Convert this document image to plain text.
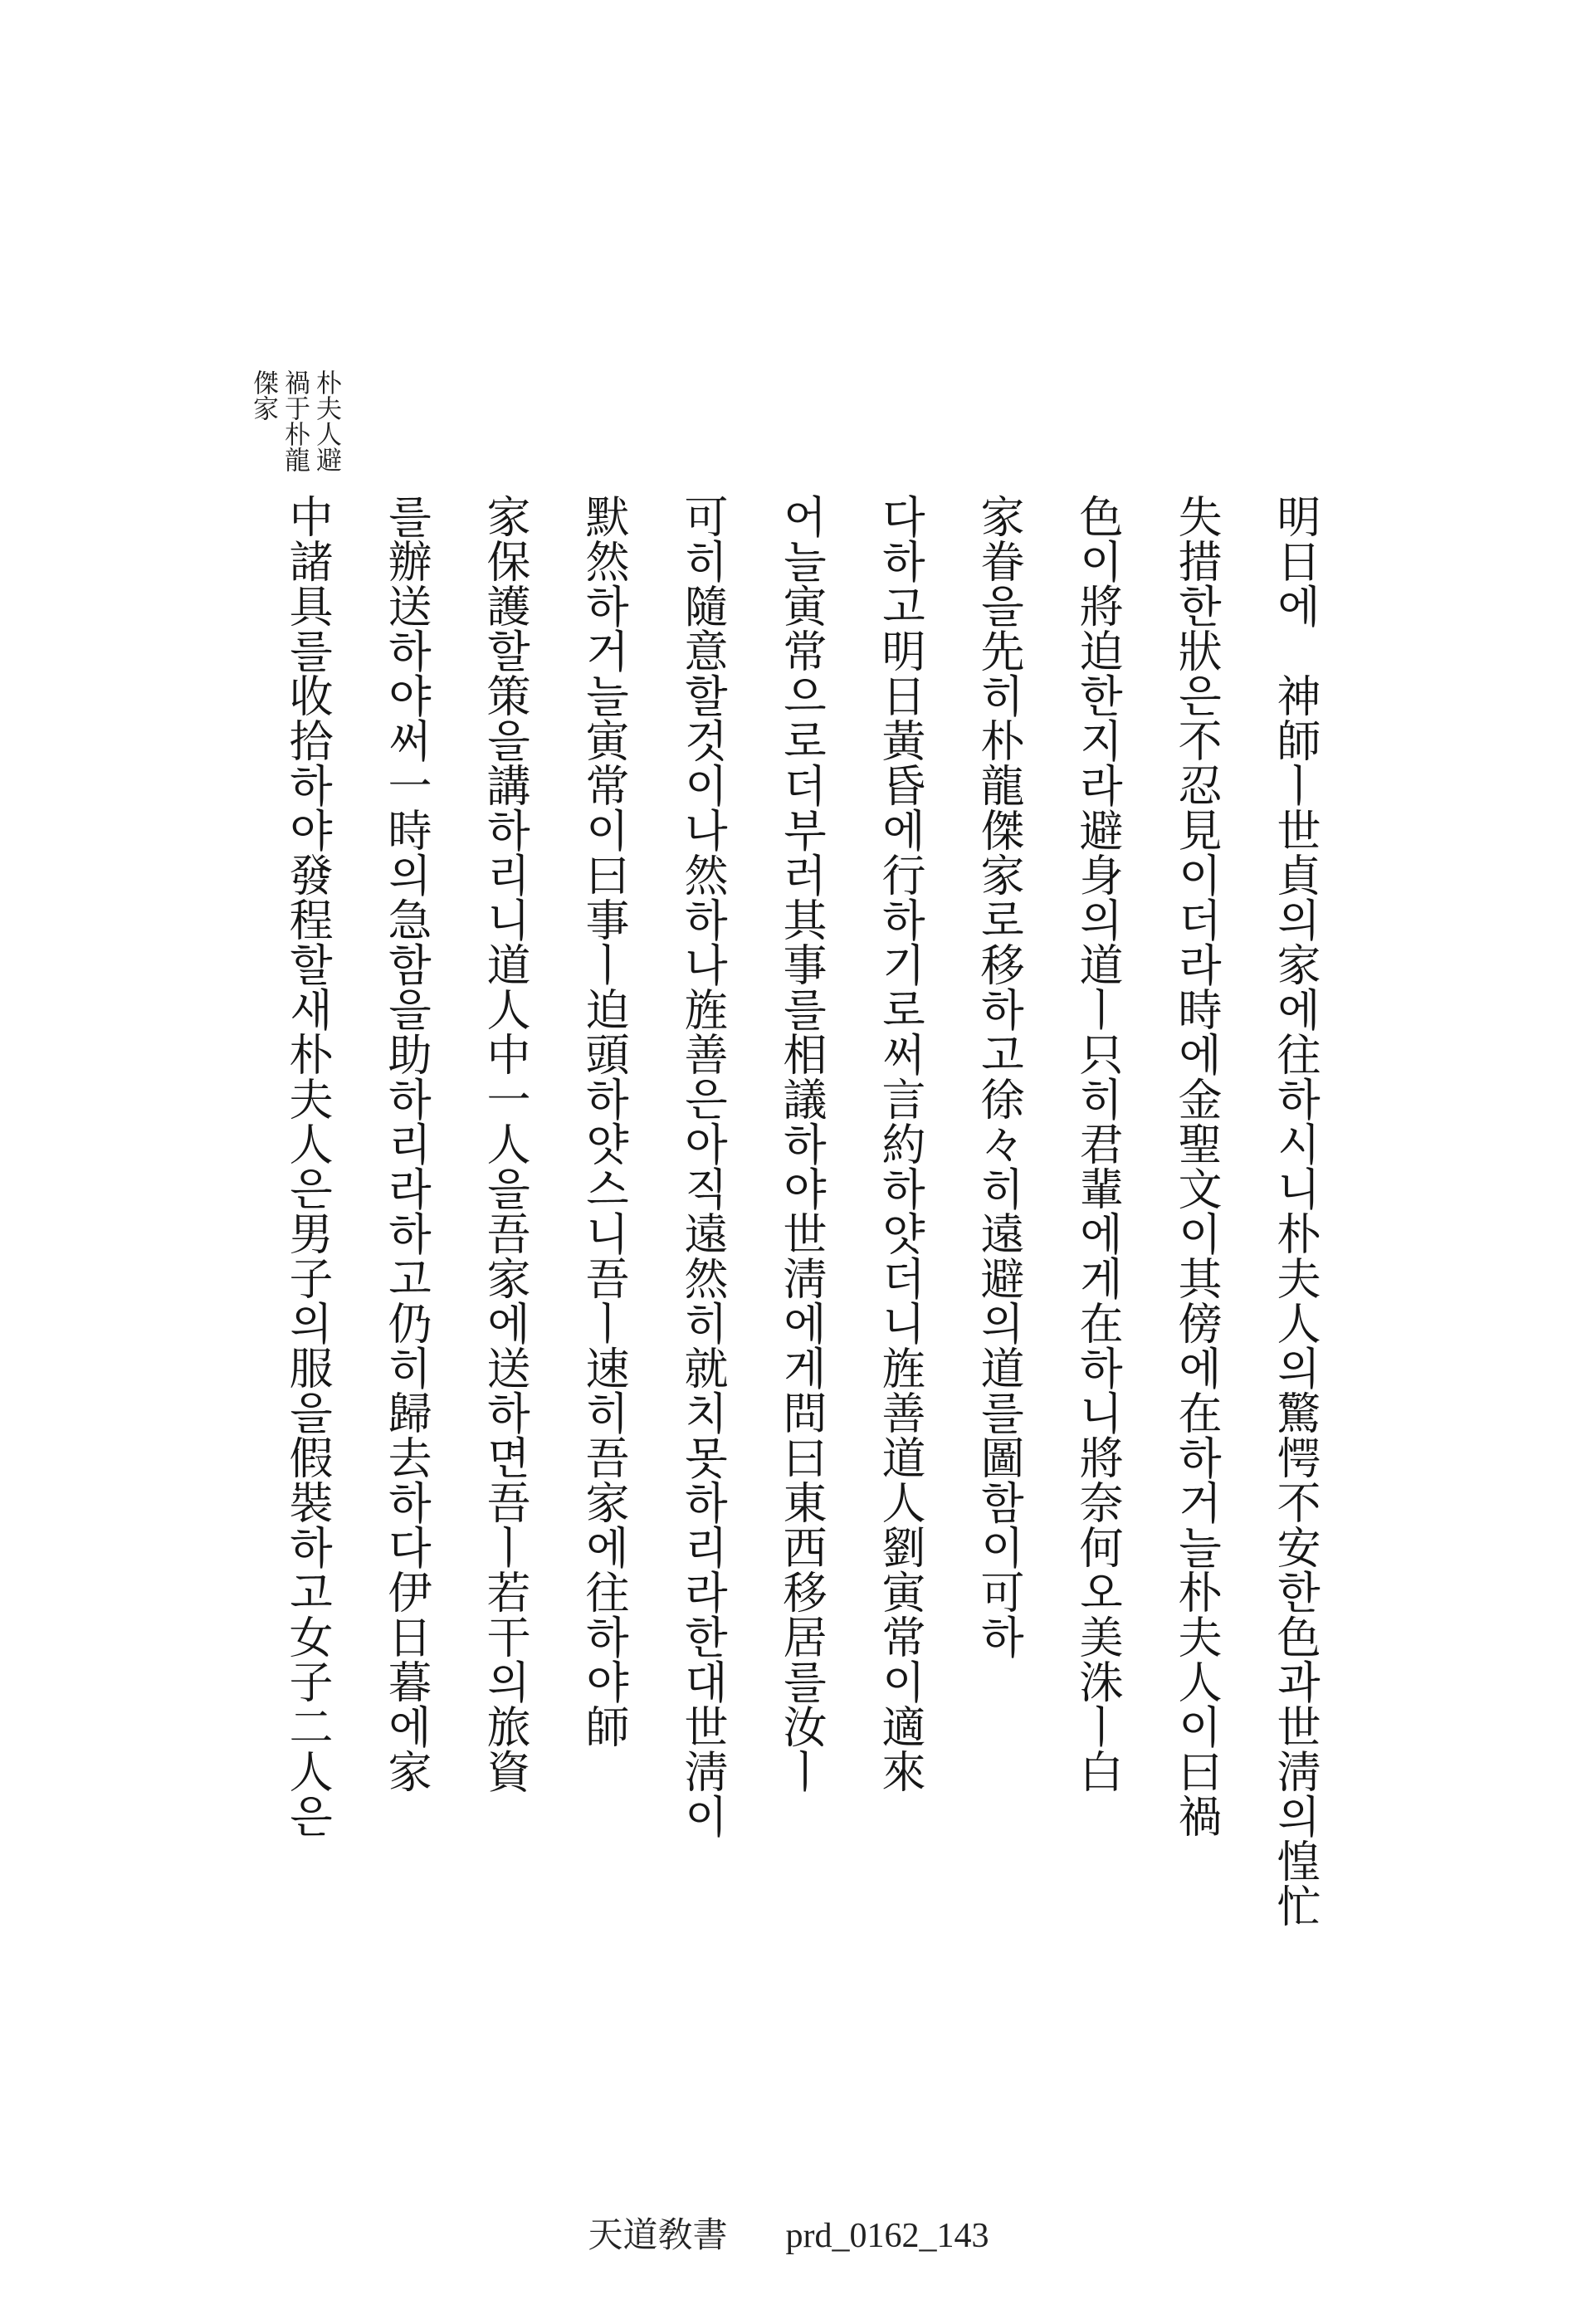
朴夫人避
禍于朴龍
傑家
明日에　神師ㅣ世貞의家에往하시니朴夫人의驚愕不安한色과世淸의惶忙
失措한狀은不忍見이더라時에金聖文이其傍에在하거늘朴夫人이曰禍
色이將迫한지라避身의道ㅣ只히君輩에게在하니將奈何오美洙ㅣ白
家眷을先히朴龍傑家로移하고徐々히遠避의道를圖함이可하
다하고明日黃昏에行하기로써言約하얏더니旌善道人劉寅常이適來
어늘寅常으로더부러其事를相議하야世淸에게問曰東西移居를汝ㅣ
可히隨意할것이나然하나旌善은아직遠然히就치못하리라한대世淸이
默然하거늘寅常이曰事ㅣ迫頭하얏스니吾ㅣ速히吾家에往하야師
家保護할策을講하리니道人中一人을吾家에送하면吾ㅣ若干의旅資
를辦送하야써一時의急함을助하리라하고仍히歸去하다伊日暮에家
中諸具를收拾하야發程할새朴夫人은男子의服을假裝하고女子二人은
天道敎書 prd_0162_143
